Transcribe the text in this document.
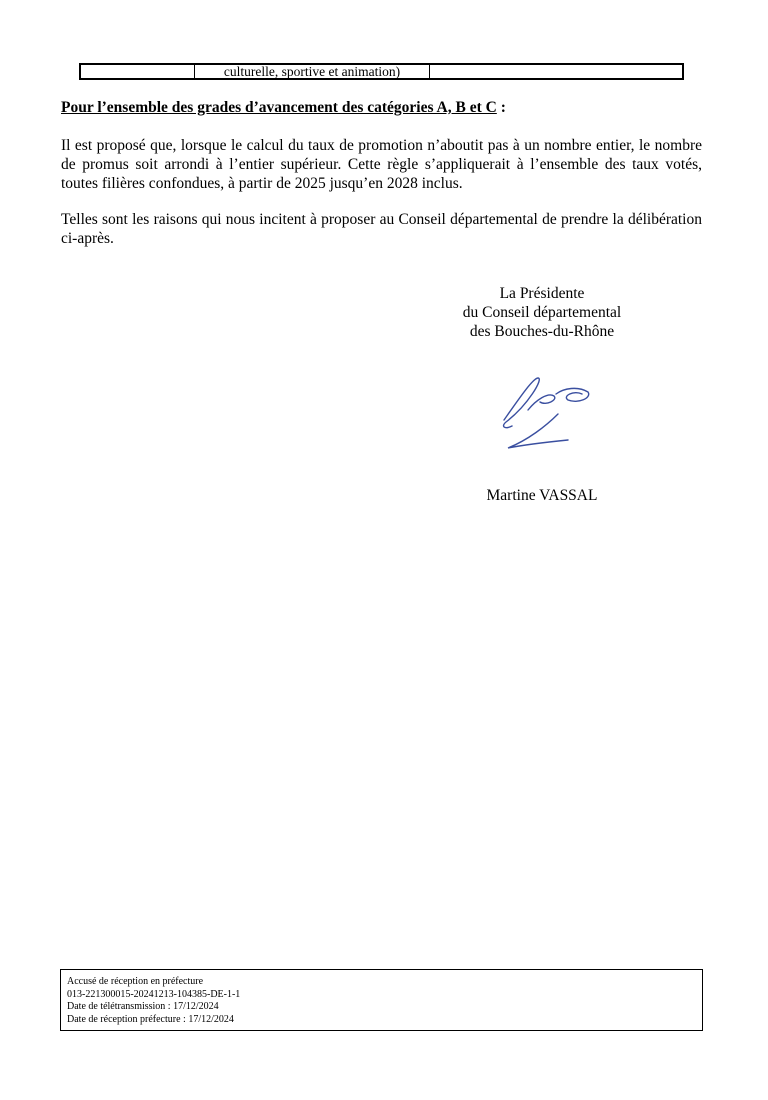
culturelle, sportive et animation)
Pour l’ensemble des grades d’avancement des catégories A, B et C :
Il est proposé que, lorsque le calcul du taux de promotion n’aboutit pas à un nombre entier, le nombre de promus soit arrondi à l’entier supérieur. Cette règle s’appliquerait à l’ensemble des taux votés, toutes filières confondues, à partir de 2025 jusqu’en 2028 inclus.
Telles sont les raisons qui nous incitent à proposer au Conseil départemental de prendre la délibération ci-après.
La Présidente
du Conseil départemental
des Bouches-du-Rhône
Martine VASSAL
Accusé de réception en préfecture
013-221300015-20241213-104385-DE-1-1
Date de télétransmission : 17/12/2024
Date de réception préfecture : 17/12/2024
